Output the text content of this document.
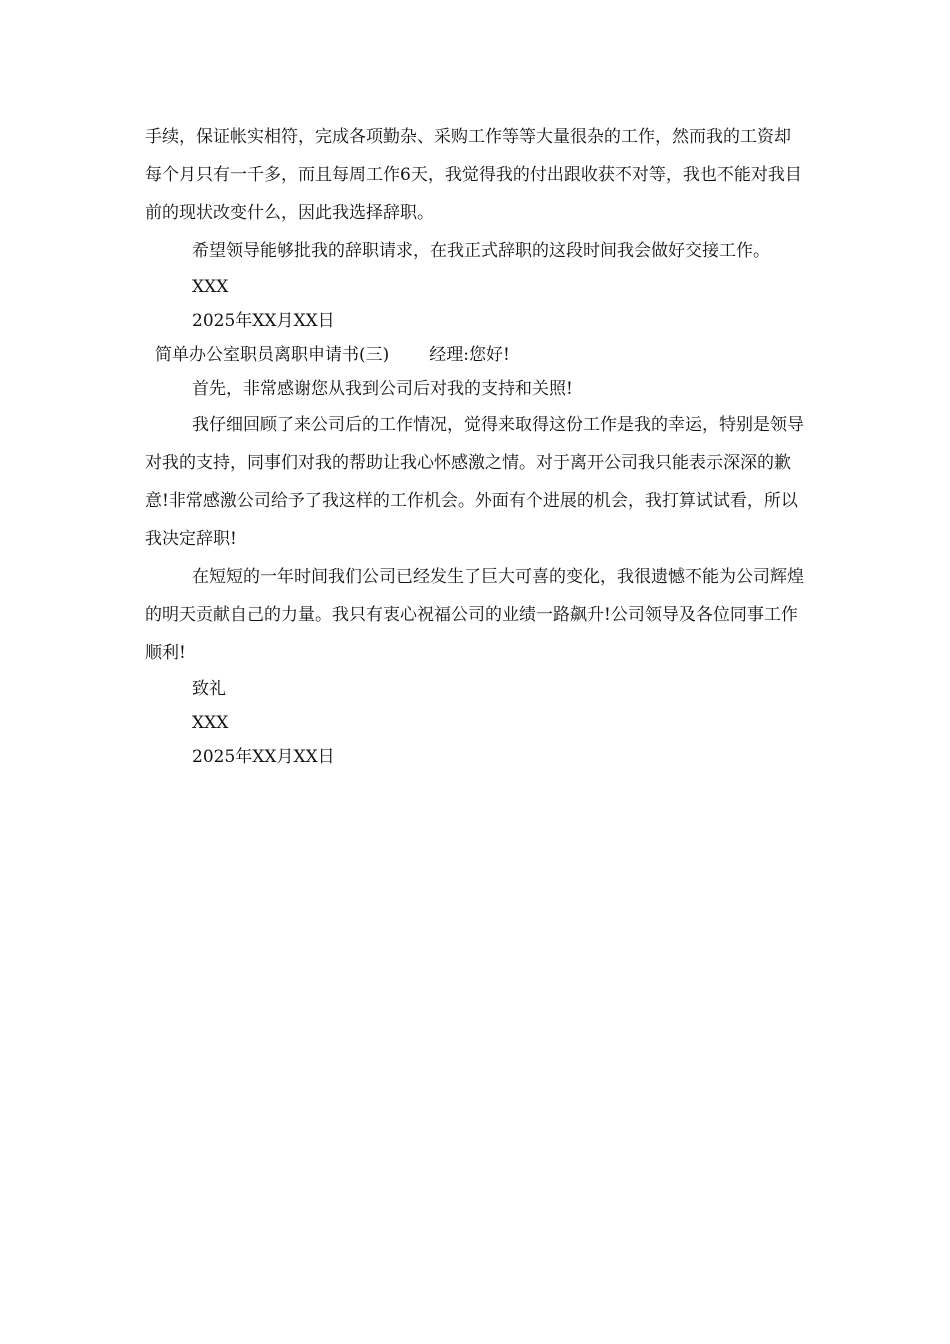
手续，保证帐实相符，完成各项勤杂、采购工作等等大量很杂的工作，然而我的工资却每个月只有一千多，而且每周工作6天，我觉得我的付出跟收获不对等，我也不能对我目前的现状改变什么，因此我选择辞职。

希望领导能够批我的辞职请求，在我正式辞职的这段时间我会做好交接工作。

XXX

2025年XX月XX日

简单办公室职员离职申请书(三) 经理:您好!

首先，非常感谢您从我到公司后对我的支持和关照!

我仔细回顾了来公司后的工作情况，觉得来取得这份工作是我的幸运，特别是领导对我的支持，同事们对我的帮助让我心怀感激之情。对于离开公司我只能表示深深的歉意!非常感激公司给予了我这样的工作机会。外面有个进展的机会，我打算试试看，所以我决定辞职!

在短短的一年时间我们公司已经发生了巨大可喜的变化，我很遗憾不能为公司辉煌的明天贡献自己的力量。我只有衷心祝福公司的业绩一路飙升!公司领导及各位同事工作顺利!

致礼

XXX

2025年XX月XX日
